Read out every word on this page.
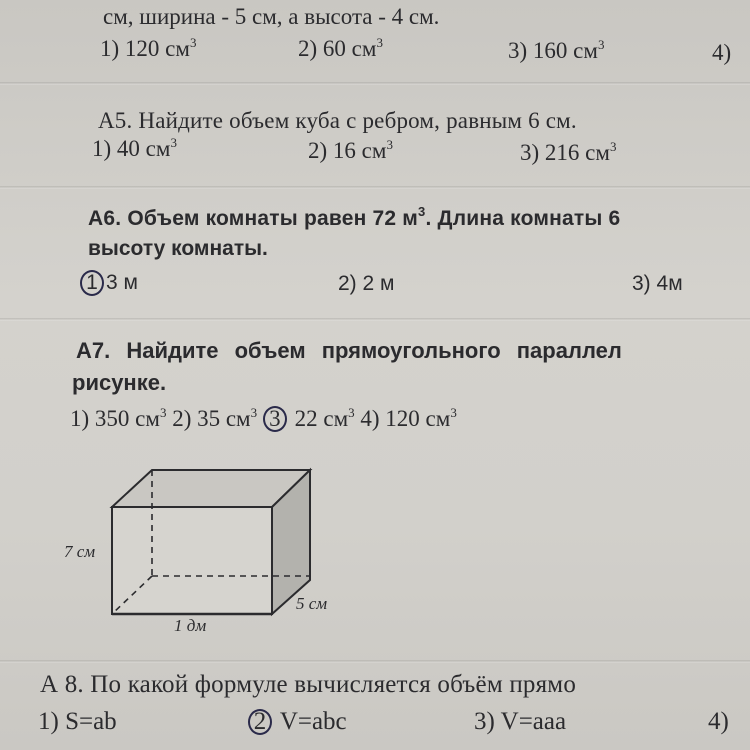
см, ширина - 5 см, а высота - 4 см.
1) 120 $см^3$	2) 60 $см^3$	3) 160 $см^3$	4)
А5. Найдите объем куба с ребром, равным 6 см.
1) 40 $см^3$	2) 16 $см^3$	3) 216 $см^3$
А6. Объем комнаты равен 72 $м^3$. Длина комнаты 6
высоту комнаты.
1 3 м	2) 2 м	3) 4м
А7. Найдите объем прямоугольного параллел
рисунке.
1) 350 $см^3$ 2) 35 $см^3$ 3 22 $см^3$ 4) 120 $см^3$
7 см
5 см
1 дм
А 8. По какой формуле вычисляется объём прямо
1) S=ab	2 V=abc	3) V=aaa	4)
